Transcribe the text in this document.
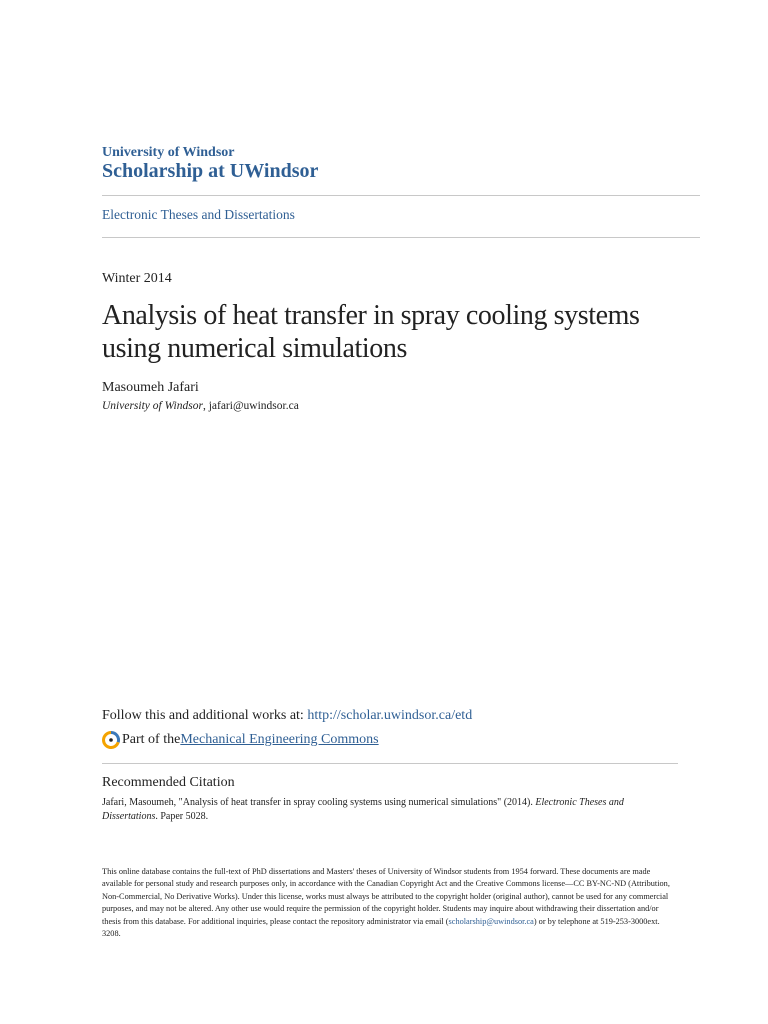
University of Windsor
Scholarship at UWindsor
Electronic Theses and Dissertations
Winter 2014
Analysis of heat transfer in spray cooling systems using numerical simulations
Masoumeh Jafari
University of Windsor, jafari@uwindsor.ca
Follow this and additional works at: http://scholar.uwindsor.ca/etd
Part of the Mechanical Engineering Commons
Recommended Citation
Jafari, Masoumeh, "Analysis of heat transfer in spray cooling systems using numerical simulations" (2014). Electronic Theses and Dissertations. Paper 5028.
This online database contains the full-text of PhD dissertations and Masters' theses of University of Windsor students from 1954 forward. These documents are made available for personal study and research purposes only, in accordance with the Canadian Copyright Act and the Creative Commons license—CC BY-NC-ND (Attribution, Non-Commercial, No Derivative Works). Under this license, works must always be attributed to the copyright holder (original author), cannot be used for any commercial purposes, and may not be altered. Any other use would require the permission of the copyright holder. Students may inquire about withdrawing their dissertation and/or thesis from this database. For additional inquiries, please contact the repository administrator via email (scholarship@uwindsor.ca) or by telephone at 519-253-3000ext. 3208.
